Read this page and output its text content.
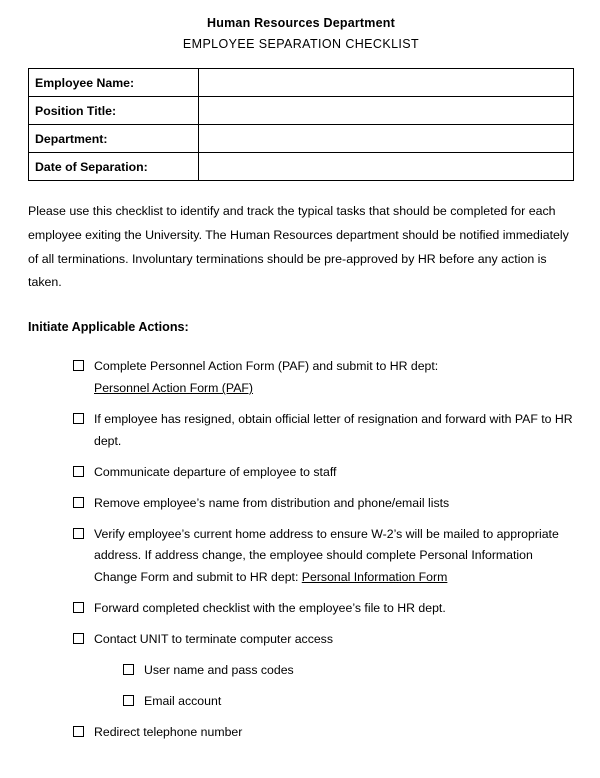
Human Resources Department
EMPLOYEE SEPARATION CHECKLIST
Employee Name:	
Position Title:	
Department:	
Date of Separation:	

Please use this checklist to identify and track the typical tasks that should be completed for each employee exiting the University. The Human Resources department should be notified immediately of all terminations. Involuntary terminations should be pre-approved by HR before any action is taken.

Initiate Applicable Actions:
Complete Personnel Action Form (PAF) and submit to HR dept:
Personnel Action Form (PAF)
If employee has resigned, obtain official letter of resignation and forward with PAF to HR dept.
Communicate departure of employee to staff
Remove employee’s name from distribution and phone/email lists
Verify employee’s current home address to ensure W-2’s will be mailed to appropriate address. If address change, the employee should complete Personal Information Change Form and submit to HR dept: Personal Information Form
Forward completed checklist with the employee’s file to HR dept.
Contact UNIT to terminate computer access
User name and pass codes
Email account
Redirect telephone number
